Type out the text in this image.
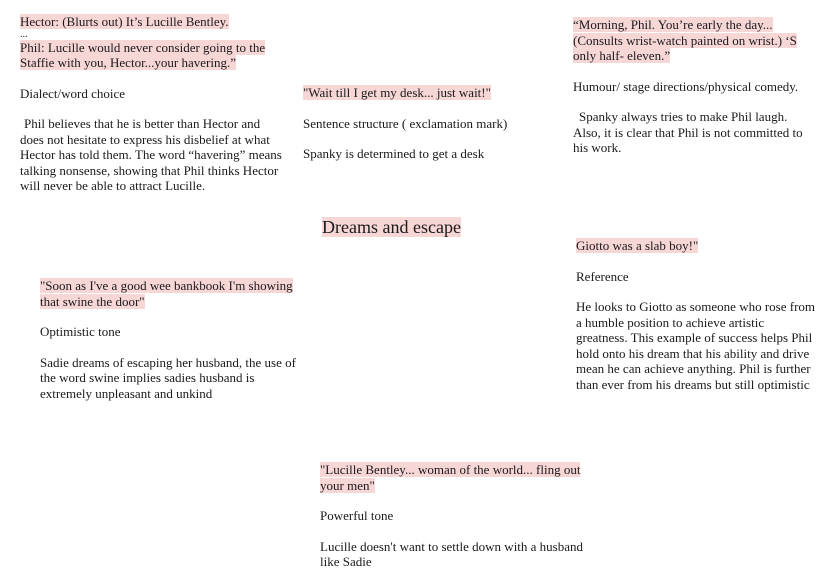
Hector: (Blurts out) It’s Lucille Bentley.

...

Phil: Lucille would never consider going to the Staffie with you, Hector...your havering.”

Dialect/word choice

Phil believes that he is better than Hector and does not hesitate to express his disbelief at what Hector has told them. The word “havering” means talking nonsense, showing that Phil thinks Hector will never be able to attract Lucille.

"Wait till I get my desk... just wait!"

Sentence structure ( exclamation mark)

Spanky is determined to get a desk

“Morning, Phil. You’re early the day... (Consults wrist-watch painted on wrist.) ‘S only half- eleven.”

Humour/ stage directions/physical comedy.

Spanky always tries to make Phil laugh. Also, it is clear that Phil is not committed to his work.

Dreams and escape

"Soon as I've a good wee bankbook I'm showing that swine the door"

Optimistic tone

Sadie dreams of escaping her husband, the use of the word swine implies sadies husband is extremely unpleasant and unkind

Giotto was a slab boy!"

Reference

He looks to Giotto as someone who rose from a humble position to achieve artistic greatness. This example of success helps Phil hold onto his dream that his ability and drive mean he can achieve anything. Phil is further than ever from his dreams but still optimistic

"Lucille Bentley... woman of the world... fling out your men"

Powerful tone

Lucille doesn't want to settle down with a husband like Sadie
